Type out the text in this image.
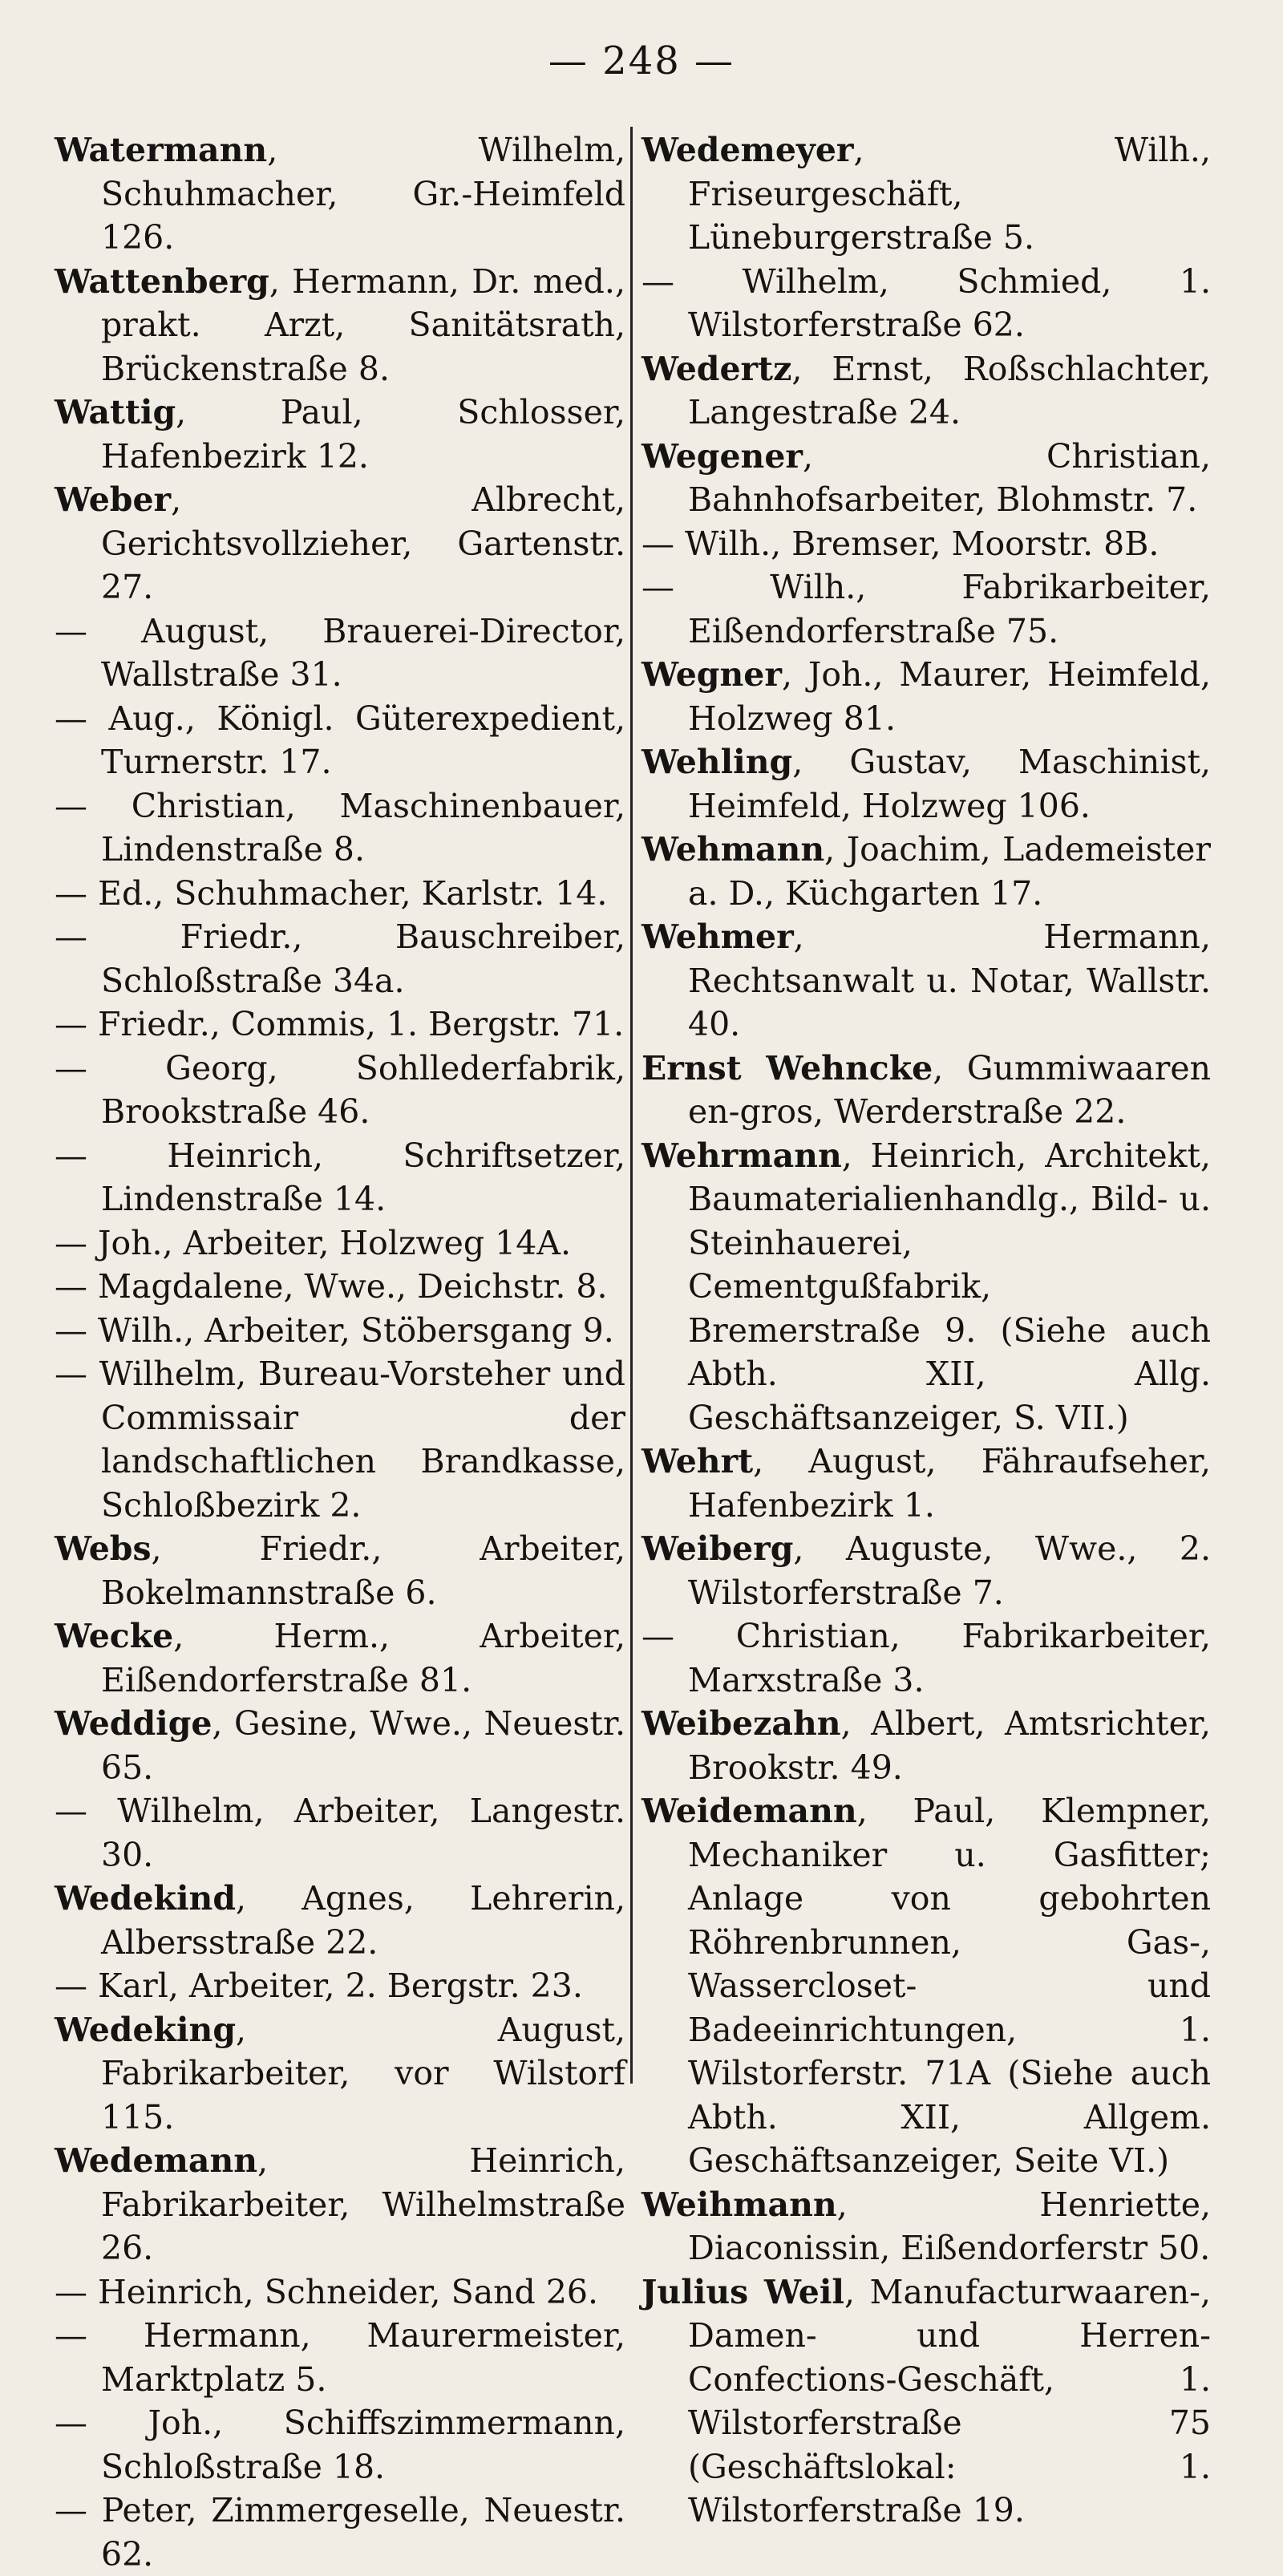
— 248 —
Watermann, Wilhelm, Schuhmacher, Gr.-Heimfeld 126.
Wattenberg, Hermann, Dr. med., prakt. Arzt, Sanitätsrath, Brückenstraße 8.
Wattig, Paul, Schlosser, Hafenbezirk 12.
Weber, Albrecht, Gerichtsvollzieher, Gartenstr. 27.
— August, Brauerei-Director, Wallstraße 31.
— Aug., Königl. Güterexpedient, Turnerstr. 17.
— Christian, Maschinenbauer, Lindenstraße 8.
— Ed., Schuhmacher, Karlstr. 14.
— Friedr., Bauschreiber, Schloßstraße 34a.
— Friedr., Commis, 1. Bergstr. 71.
— Georg, Sohllederfabrik, Brookstraße 46.
— Heinrich, Schriftsetzer, Lindenstraße 14.
— Joh., Arbeiter, Holzweg 14A.
— Magdalene, Wwe., Deichstr. 8.
— Wilh., Arbeiter, Stöbersgang 9.
— Wilhelm, Bureau-Vorsteher und Commissair der landschaftlichen Brandkasse, Schloßbezirk 2.
Webs, Friedr., Arbeiter, Bokelmannstraße 6.
Wecke, Herm., Arbeiter, Eißendorferstraße 81.
Weddige, Gesine, Wwe., Neuestr. 65.
— Wilhelm, Arbeiter, Langestr. 30.
Wedekind, Agnes, Lehrerin, Albersstraße 22.
— Karl, Arbeiter, 2. Bergstr. 23.
Wedeking, August, Fabrikarbeiter, vor Wilstorf 115.
Wedemann, Heinrich, Fabrikarbeiter, Wilhelmstraße 26.
— Heinrich, Schneider, Sand 26.
— Hermann, Maurermeister, Marktplatz 5.
— Joh., Schiffszimmermann, Schloßstraße 18.
— Peter, Zimmergeselle, Neuestr. 62.
Wedemeyer, Wilh., Friseurgeschäft, Lüneburgerstraße 5.
— Wilhelm, Schmied, 1. Wilstorferstraße 62.
Wedertz, Ernst, Roßschlachter, Langestraße 24.
Wegener, Christian, Bahnhofsarbeiter, Blohmstr. 7.
— Wilh., Bremser, Moorstr. 8B.
— Wilh., Fabrikarbeiter, Eißendorferstraße 75.
Wegner, Joh., Maurer, Heimfeld, Holzweg 81.
Wehling, Gustav, Maschinist, Heimfeld, Holzweg 106.
Wehmann, Joachim, Lademeister a. D., Küchgarten 17.
Wehmer, Hermann, Rechtsanwalt u. Notar, Wallstr. 40.
Ernst Wehncke, Gummiwaaren en-gros, Werderstraße 22.
Wehrmann, Heinrich, Architekt, Baumaterialienhandlg., Bild- u. Steinhauerei, Cementgußfabrik, Bremerstraße 9. (Siehe auch Abth. XII, Allg. Geschäftsanzeiger, S. VII.)
Wehrt, August, Fähraufseher, Hafenbezirk 1.
Weiberg, Auguste, Wwe., 2. Wilstorferstraße 7.
— Christian, Fabrikarbeiter, Marxstraße 3.
Weibezahn, Albert, Amtsrichter, Brookstr. 49.
Weidemann, Paul, Klempner, Mechaniker u. Gasfitter; Anlage von gebohrten Röhrenbrunnen, Gas-, Wassercloset- und Badeeinrichtungen, 1. Wilstorferstr. 71A (Siehe auch Abth. XII, Allgem. Geschäftsanzeiger, Seite VI.)
Weihmann, Henriette, Diaconissin, Eißendorferstr 50.
Julius Weil, Manufacturwaaren-, Damen- und Herren-Confections-Geschäft, 1. Wilstorferstraße 75 (Geschäftslokal: 1. Wilstorferstraße 19.
